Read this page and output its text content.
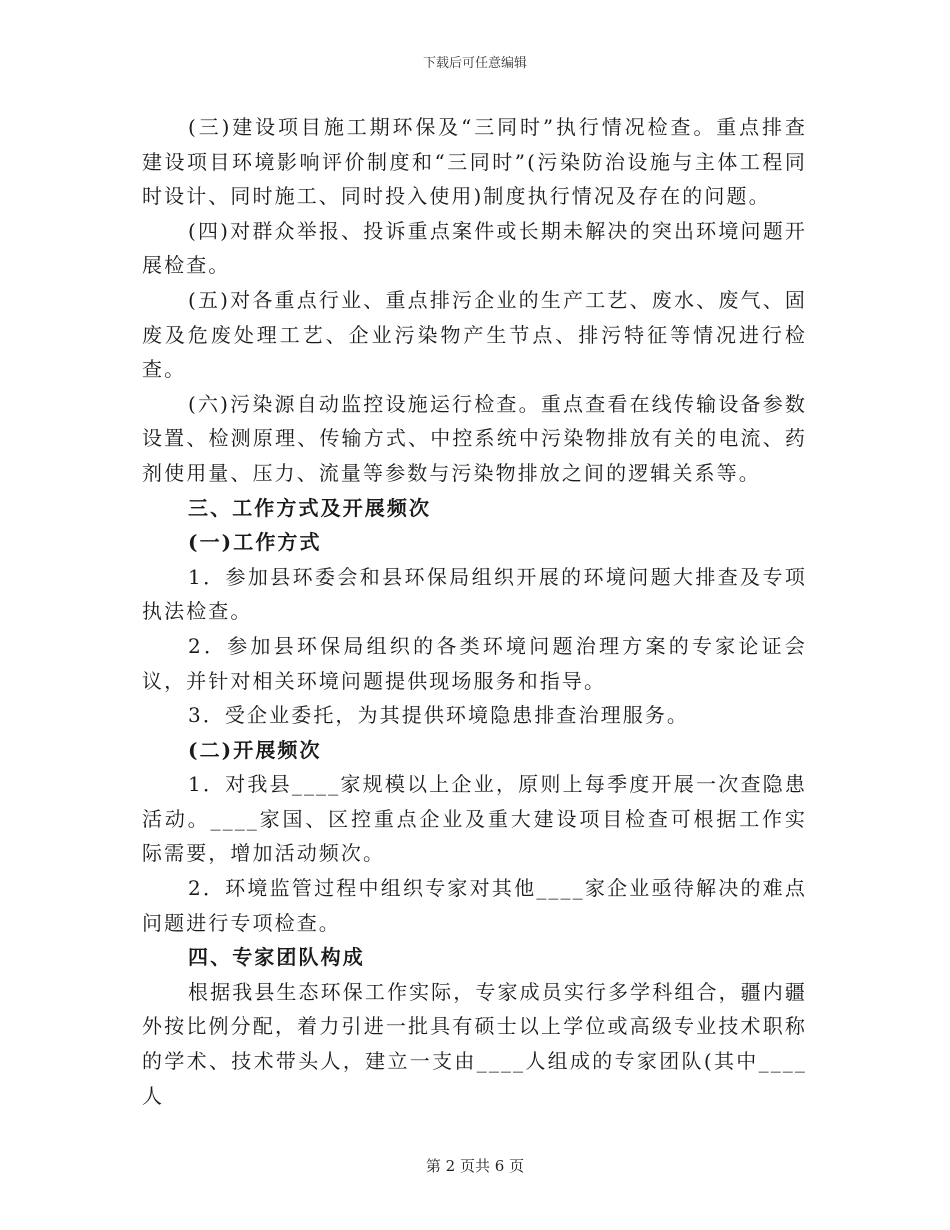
下载后可任意编辑

(三)建设项目施工期环保及“三同时”执行情况检查。重点排查建设项目环境影响评价制度和“三同时”(污染防治设施与主体工程同时设计、同时施工、同时投入使用)制度执行情况及存在的问题。

(四)对群众举报、投诉重点案件或长期未解决的突出环境问题开展检查。

(五)对各重点行业、重点排污企业的生产工艺、废水、废气、固废及危废处理工艺、企业污染物产生节点、排污特征等情况进行检查。

(六)污染源自动监控设施运行检查。重点查看在线传输设备参数设置、检测原理、传输方式、中控系统中污染物排放有关的电流、药剂使用量、压力、流量等参数与污染物排放之间的逻辑关系等。

三、工作方式及开展频次

(一)工作方式

1．参加县环委会和县环保局组织开展的环境问题大排查及专项执法检查。

2．参加县环保局组织的各类环境问题治理方案的专家论证会议，并针对相关环境问题提供现场服务和指导。

3．受企业委托，为其提供环境隐患排查治理服务。

(二)开展频次

1．对我县____家规模以上企业，原则上每季度开展一次查隐患活动。____家国、区控重点企业及重大建设项目检查可根据工作实际需要，增加活动频次。

2．环境监管过程中组织专家对其他____家企业亟待解决的难点问题进行专项检查。

四、专家团队构成

根据我县生态环保工作实际，专家成员实行多学科组合，疆内疆外按比例分配，着力引进一批具有硕士以上学位或高级专业技术职称的学术、技术带头人，建立一支由____人组成的专家团队(其中____人

第 2 页共 6 页
